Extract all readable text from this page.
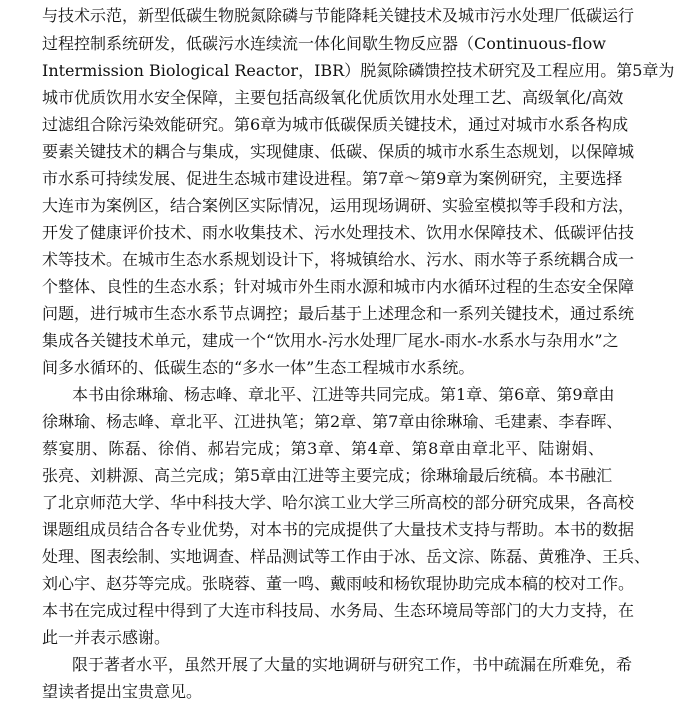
与技术示范，新型低碳生物脱氮除磷与节能降耗关键技术及城市污水处理厂低碳运行
过程控制系统研发，低碳污水连续流一体化间歇生物反应器（Continuous-flow
Intermission Biological Reactor，IBR）脱氮除磷馈控技术研究及工程应用。第5章为
城市优质饮用水安全保障，主要包括高级氧化优质饮用水处理工艺、高级氧化/高效
过滤组合除污染效能研究。第6章为城市低碳保质关键技术，通过对城市水系各构成
要素关键技术的耦合与集成，实现健康、低碳、保质的城市水系生态规划，以保障城
市水系可持续发展、促进生态城市建设进程。第7章～第9章为案例研究，主要选择
大连市为案例区，结合案例区实际情况，运用现场调研、实验室模拟等手段和方法，
开发了健康评价技术、雨水收集技术、污水处理技术、饮用水保障技术、低碳评估技
术等技术。在城市生态水系规划设计下，将城镇给水、污水、雨水等子系统耦合成一
个整体、良性的生态水系；针对城市外生雨水源和城市内水循环过程的生态安全保障
问题，进行城市生态水系节点调控；最后基于上述理念和一系列关键技术，通过系统
集成各关键技术单元，建成一个“饮用水-污水处理厂尾水-雨水-水系水与杂用水”之
间多水循环的、低碳生态的“多水一体”生态工程城市水系统。
本书由徐琳瑜、杨志峰、章北平、江进等共同完成。第1章、第6章、第9章由
徐琳瑜、杨志峰、章北平、江进执笔；第2章、第7章由徐琳瑜、毛建素、李春晖、
蔡宴朋、陈磊、徐俏、郝岩完成；第3章、第4章、第8章由章北平、陆谢娟、
张亮、刘耕源、高兰完成；第5章由江进等主要完成；徐琳瑜最后统稿。本书融汇
了北京师范大学、华中科技大学、哈尔滨工业大学三所高校的部分研究成果，各高校
课题组成员结合各专业优势，对本书的完成提供了大量技术支持与帮助。本书的数据
处理、图表绘制、实地调查、样品测试等工作由于冰、岳文淙、陈磊、黄雅净、王兵、
刘心宇、赵芬等完成。张晓蓉、董一鸣、戴雨岐和杨钦琨协助完成本稿的校对工作。
本书在完成过程中得到了大连市科技局、水务局、生态环境局等部门的大力支持，在
此一并表示感谢。
限于著者水平，虽然开展了大量的实地调研与研究工作，书中疏漏在所难免，希
望读者提出宝贵意见。
